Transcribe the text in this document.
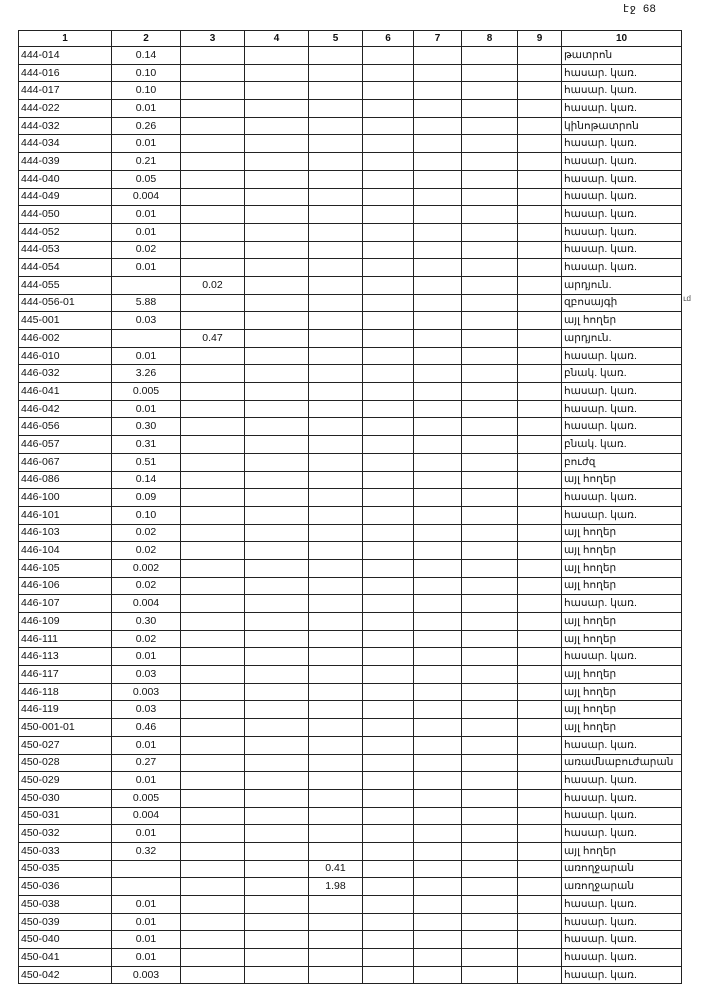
էջ 68
ւd
1	2	3	4	5	6	7	8	9	10
444-014	0.14								թատրոն
444-016	0.10								հասար. կառ.
444-017	0.10								հասար. կառ.
444-022	0.01								հասար. կառ.
444-032	0.26								կինոթատրոն
444-034	0.01								հասար. կառ.
444-039	0.21								հասար. կառ.
444-040	0.05								հասար. կառ.
444-049	0.004								հասար. կառ.
444-050	0.01								հասար. կառ.
444-052	0.01								հասար. կառ.
444-053	0.02								հասար. կառ.
444-054	0.01								հասար. կառ.
444-055		0.02							արդյուն.
444-056-01	5.88								զբոսայգի
445-001	0.03								այլ հողեր
446-002		0.47							արդյուն.
446-010	0.01								հասար. կառ.
446-032	3.26								բնակ. կառ.
446-041	0.005								հասար. կառ.
446-042	0.01								հասար. կառ.
446-056	0.30								հասար. կառ.
446-057	0.31								բնակ. կառ.
446-067	0.51								բուժզ
446-086	0.14								այլ հողեր
446-100	0.09								հասար. կառ.
446-101	0.10								հասար. կառ.
446-103	0.02								այլ հողեր
446-104	0.02								այլ հողեր
446-105	0.002								այլ հողեր
446-106	0.02								այլ հողեր
446-107	0.004								հասար. կառ.
446-109	0.30								այլ հողեր
446-111	0.02								այլ հողեր
446-113	0.01								հասար. կառ.
446-117	0.03								այլ հողեր
446-118	0.003								այլ հողեր
446-119	0.03								այլ հողեր
450-001-01	0.46								այլ հողեր
450-027	0.01								հասար. կառ.
450-028	0.27								առամնաբուժարան
450-029	0.01								հասար. կառ.
450-030	0.005								հասար. կառ.
450-031	0.004								հասար. կառ.
450-032	0.01								հասար. կառ.
450-033	0.32								այլ հողեր
450-035				0.41					առողջարան
450-036				1.98					առողջարան
450-038	0.01								հասար. կառ.
450-039	0.01								հասար. կառ.
450-040	0.01								հասար. կառ.
450-041	0.01								հասար. կառ.
450-042	0.003								հասար. կառ.
